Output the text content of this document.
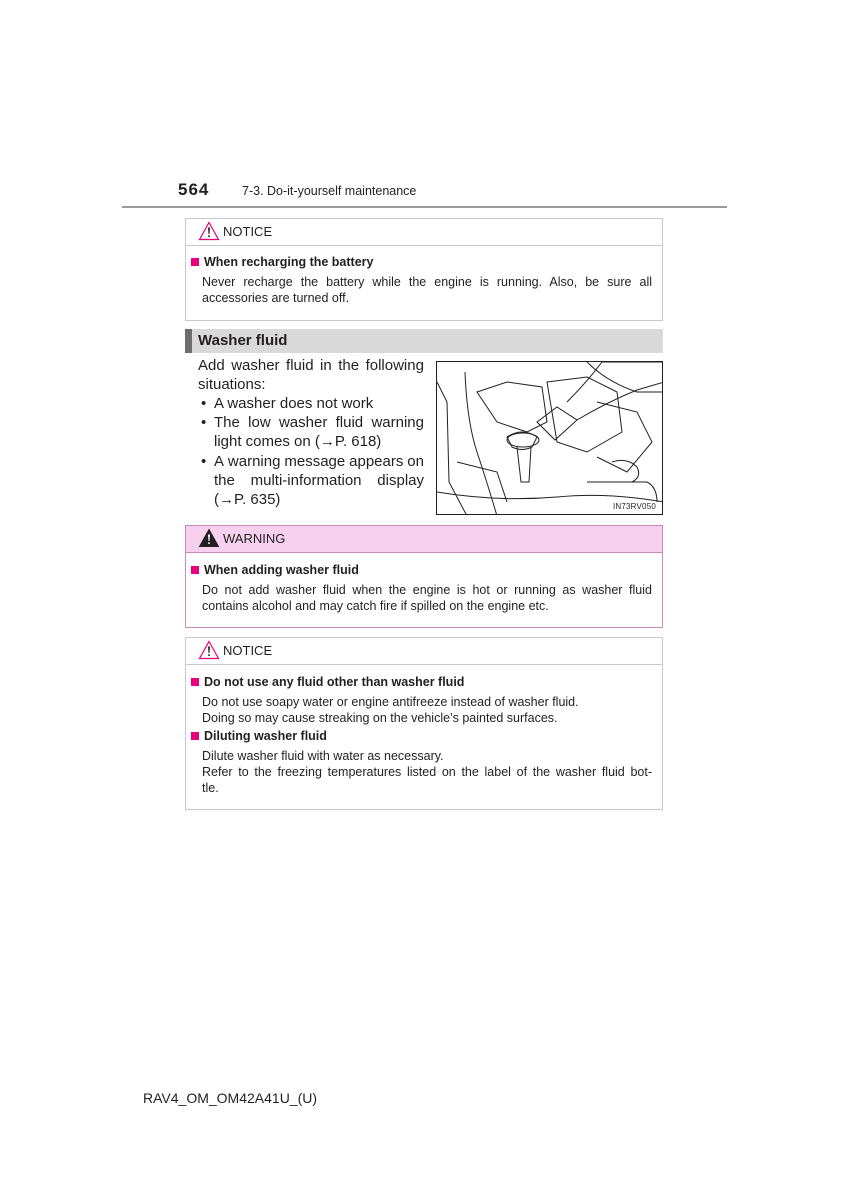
564	7-3. Do-it-yourself maintenance
NOTICE
When recharging the battery
Never recharge the battery while the engine is running. Also, be sure all
accessories are turned off.
Washer fluid
Add washer fluid in the following
situations:
• A washer does not work
• The low washer fluid warning
light comes on (→P. 618)
• A warning message appears on
the multi-information display
(→P. 635)	IN73RV050
WARNING
When adding washer fluid
Do not add washer fluid when the engine is hot or running as washer fluid
contains alcohol and may catch fire if spilled on the engine etc.
NOTICE
Do not use any fluid other than washer fluid
Do not use soapy water or engine antifreeze instead of washer fluid.
Doing so may cause streaking on the vehicle’s painted surfaces.
Diluting washer fluid
Dilute washer fluid with water as necessary.
Refer to the freezing temperatures listed on the label of the washer fluid bot-
tle.
RAV4_OM_OM42A41U_(U)
